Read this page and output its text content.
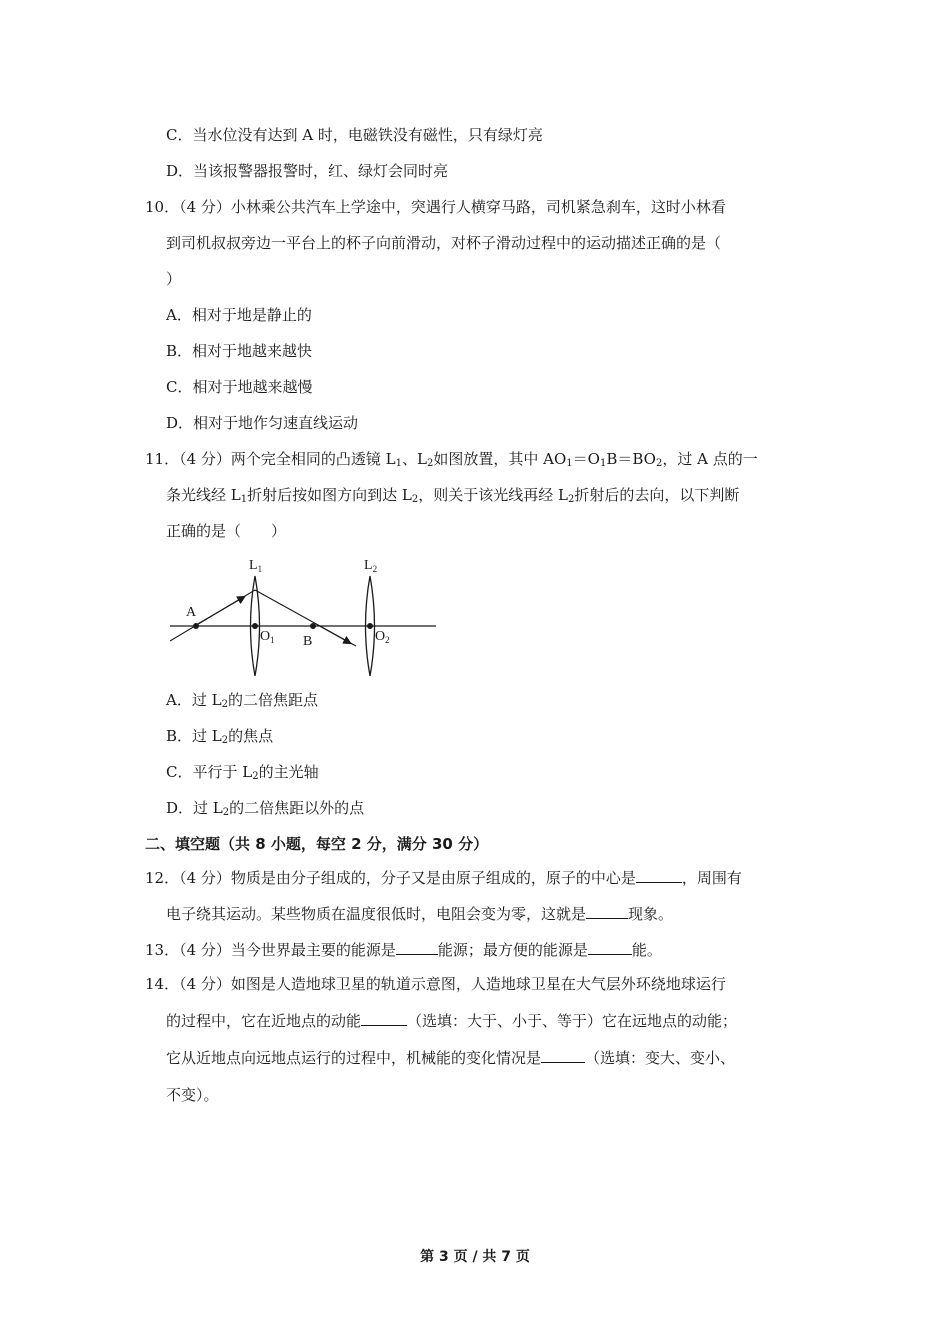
C．当水位没有达到 A 时，电磁铁没有磁性，只有绿灯亮
D．当该报警器报警时，红、绿灯会同时亮
10．（4 分）小林乘公共汽车上学途中，突遇行人横穿马路，司机紧急刹车，这时小林看
到司机叔叔旁边一平台上的杯子向前滑动，对杯子滑动过程中的运动描述正确的是（
）
A．相对于地是静止的
B．相对于地越来越快
C．相对于地越来越慢
D．相对于地作匀速直线运动
11．（4 分）两个完全相同的凸透镜 $L_1$、$L_2$如图放置，其中 $AO_1=O_1B=BO_2$，过 A 点的一
条光线经 $L_1$折射后按如图方向到达 $L_2$，则关于该光线再经 $L_2$折射后的去向，以下判断
正确的是（　　）
$L_1$	$L_2$
A
$O_1$ B	$O_2$
A．过 $L_2$的二倍焦距点
B．过 $L_2$的焦点
C．平行于 $L_2$的主光轴
D．过 $L_2$的二倍焦距以外的点
二、填空题（共 8 小题，每空 2 分，满分 30 分）
12．（4 分）物质是由分子组成的，分子又是由原子组成的，原子的中心是	，周围有
电子绕其运动。某些物质在温度很低时，电阻会变为零，这就是	现象。
13．（4 分）当今世界最主要的能源是	能源；最方便的能源是	能。
14．（4 分）如图是人造地球卫星的轨道示意图，人造地球卫星在大气层外环绕地球运行
的过程中，它在近地点的动能	（选填：大于、小于、等于）它在远地点的动能；
它从近地点向远地点运行的过程中，机械能的变化情况是	（选填：变大、变小、
不变）。
第 3 页 / 共 7 页
